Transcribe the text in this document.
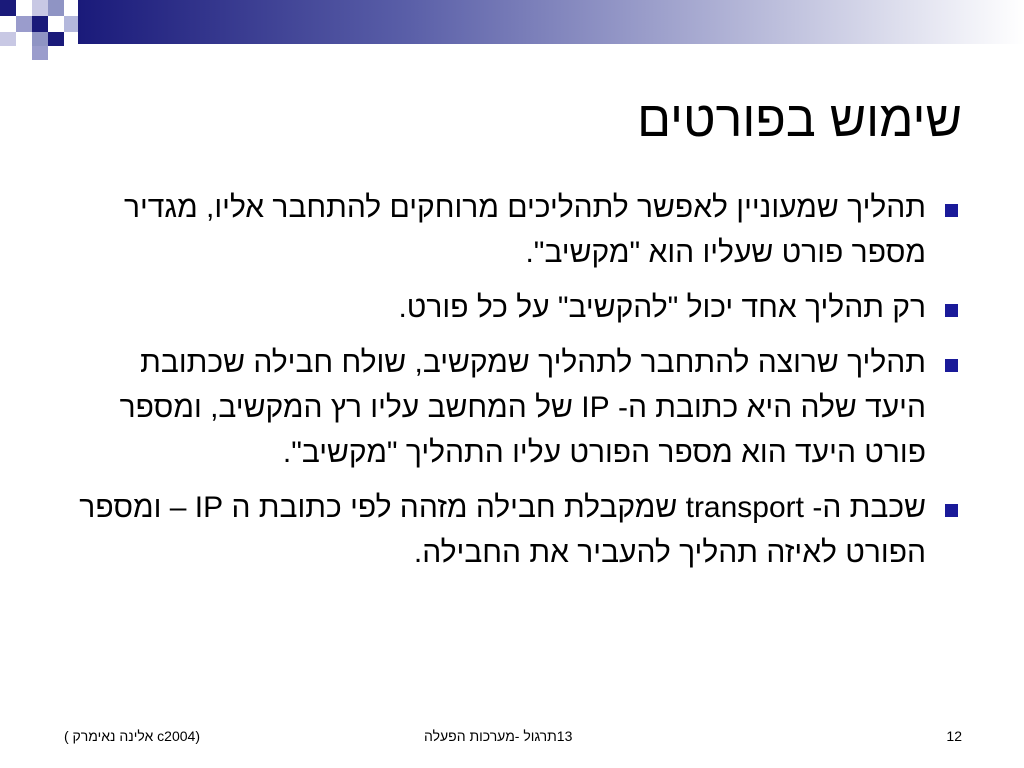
שימוש בפורטים
תהליך שמעוניין לאפשר לתהליכים מרוחקים להתחבר אליו, מגדיר מספר פורט שעליו הוא "מקשיב".
רק תהליך אחד יכול "להקשיב" על כל פורט.
תהליך שרוצה להתחבר לתהליך שמקשיב, שולח חבילה שכתובת היעד שלה היא כתובת ה- IP של המחשב עליו רץ המקשיב, ומספר פורט היעד הוא מספר הפורט עליו התהליך "מקשיב".
שכבת ה- transport שמקבלת חבילה מזהה לפי כתובת ה IP – ומספר הפורט לאיזה תהליך להעביר את החבילה.
(c2004 אלינה נאימרק )	13תרגול -מערכות הפעלה	12
